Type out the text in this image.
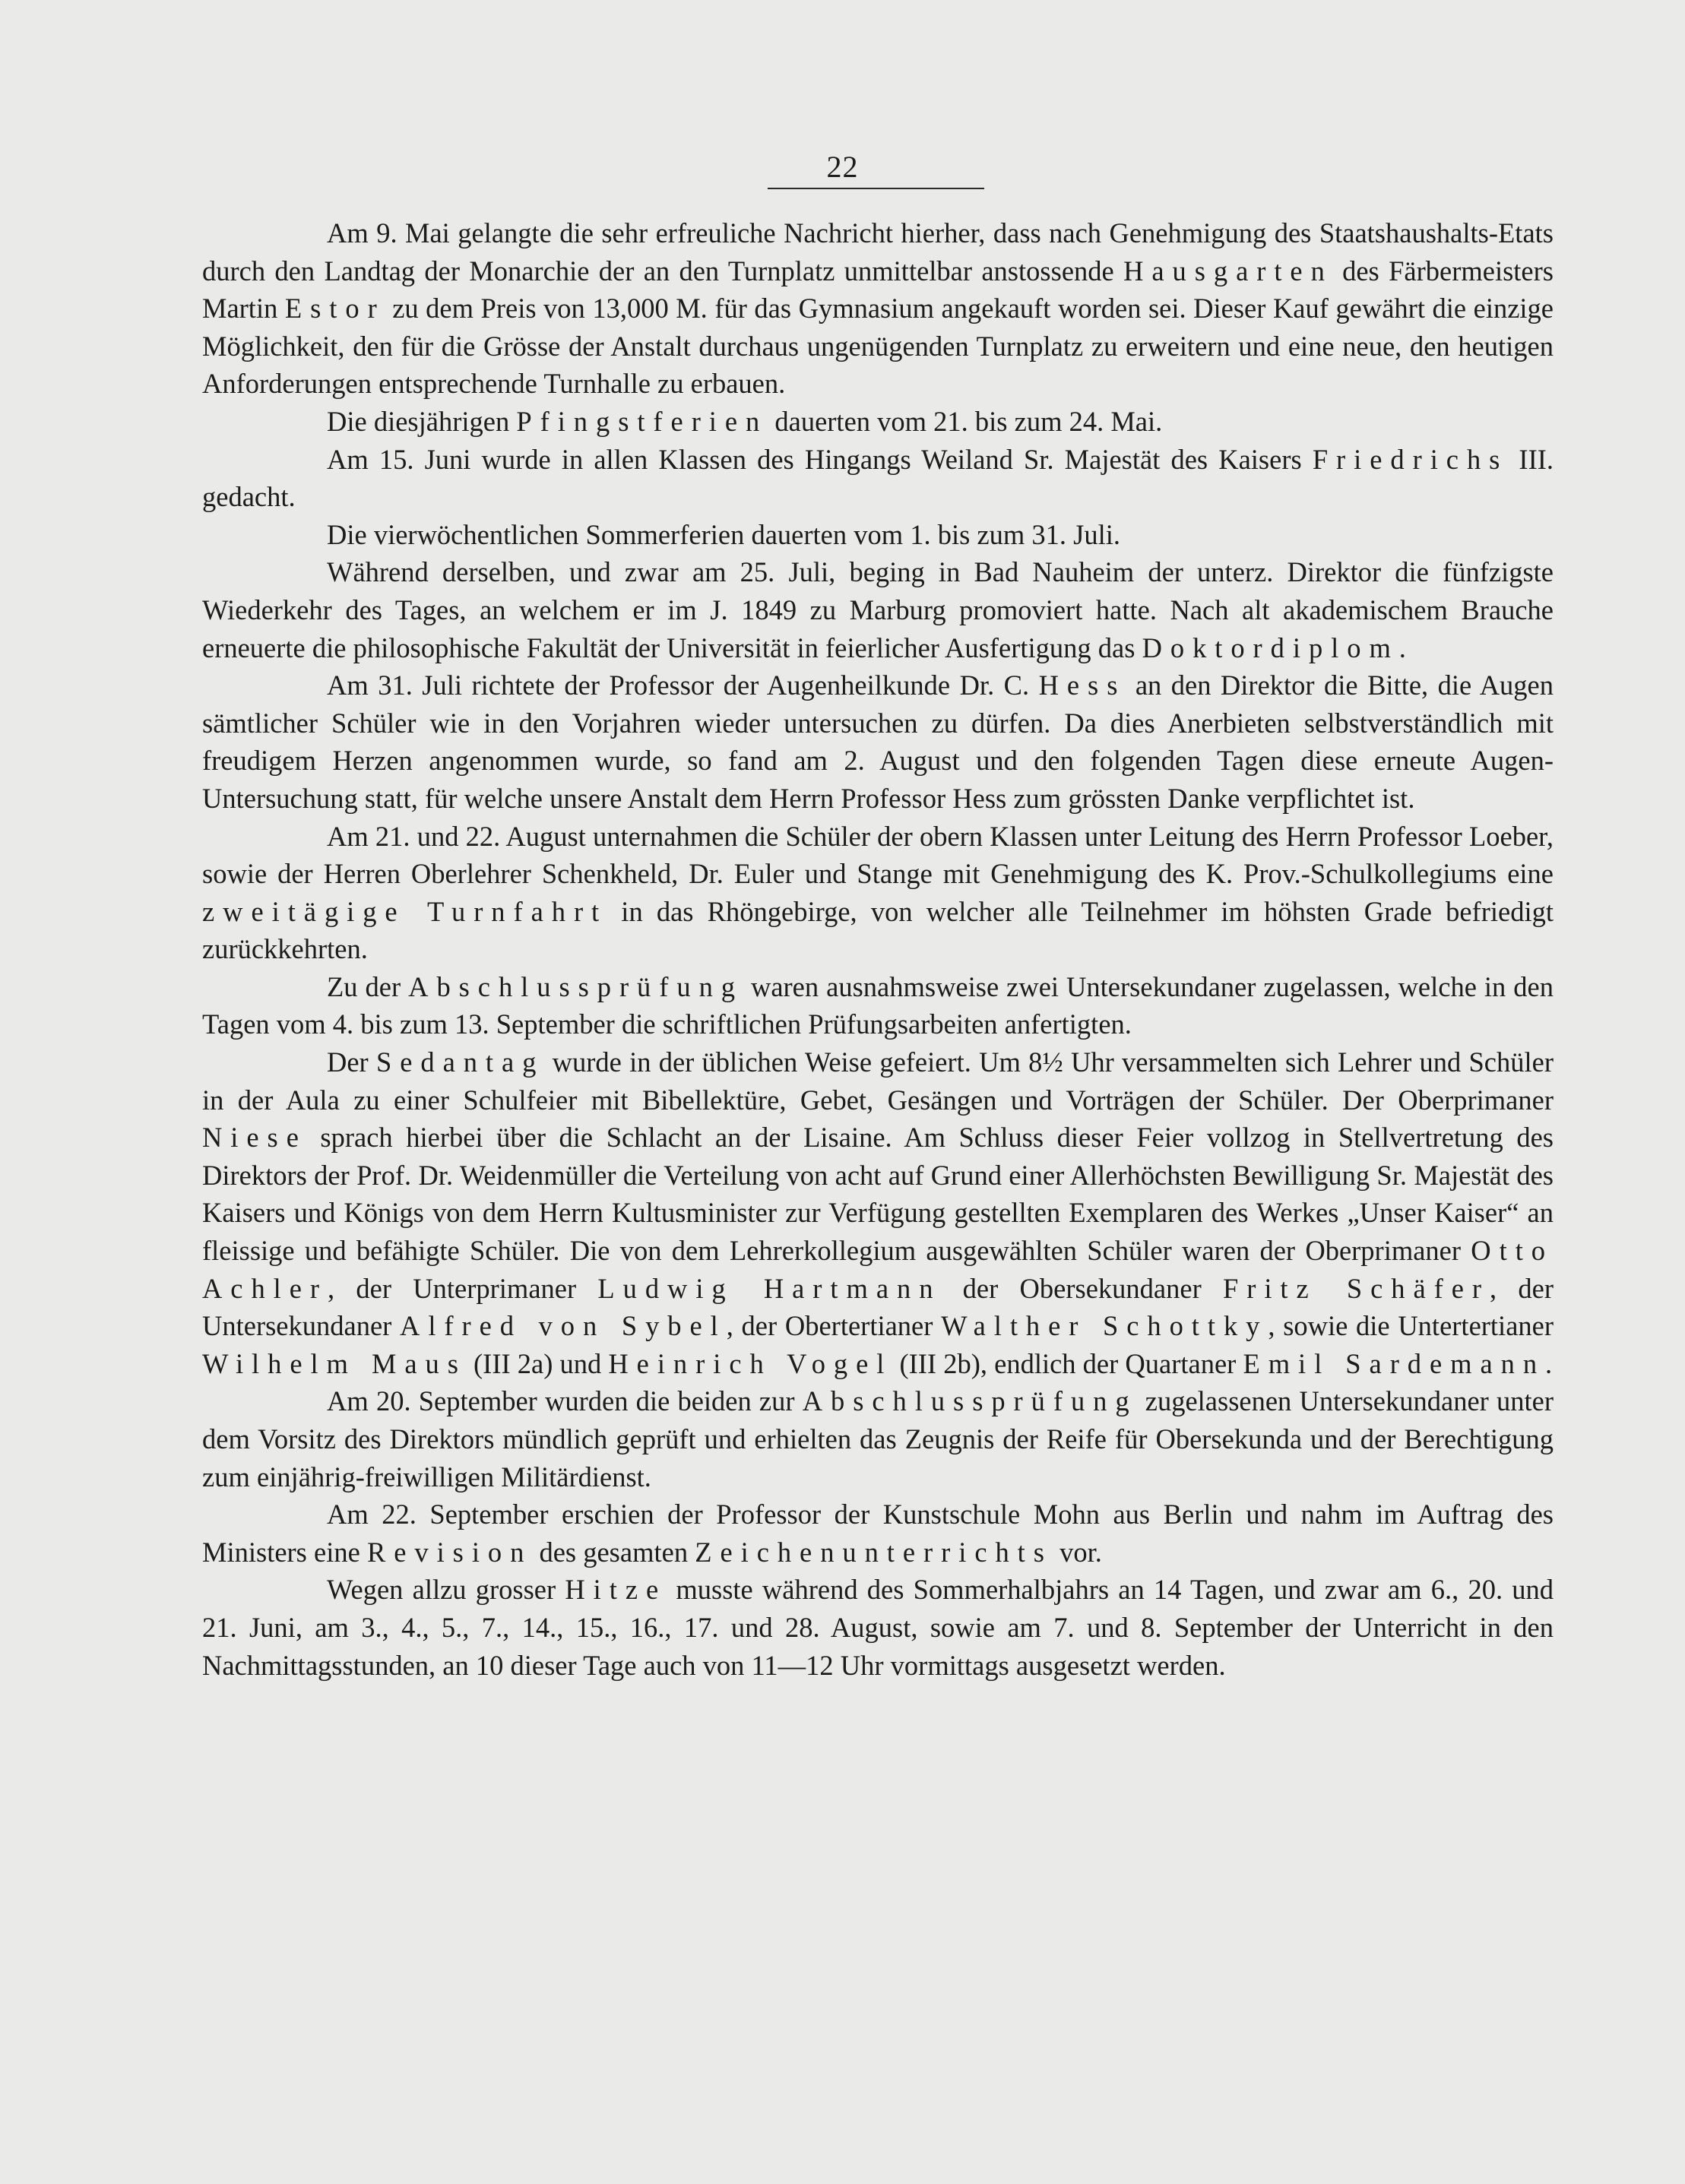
22

Am 9. Mai gelangte die sehr erfreuliche Nachricht hierher, dass nach Genehmigung des Staatshaushalts-Etats durch den Landtag der Monarchie der an den Turnplatz unmittelbar anstossende Hausgarten des Färbermeisters Martin Estor zu dem Preis von 13,000 M. für das Gymnasium angekauft worden sei. Dieser Kauf gewährt die einzige Möglichkeit, den für die Grösse der Anstalt durchaus ungenügenden Turnplatz zu erweitern und eine neue, den heutigen Anforderungen entsprechende Turnhalle zu erbauen.

Die diesjährigen Pfingstferien dauerten vom 21. bis zum 24. Mai.

Am 15. Juni wurde in allen Klassen des Hingangs Weiland Sr. Majestät des Kaisers Friedrichs III. gedacht.

Die vierwöchentlichen Sommerferien dauerten vom 1. bis zum 31. Juli.

Während derselben, und zwar am 25. Juli, beging in Bad Nauheim der unterz. Direktor die fünfzigste Wiederkehr des Tages, an welchem er im J. 1849 zu Marburg promoviert hatte. Nach alt akademischem Brauche erneuerte die philosophische Fakultät der Universität in feierlicher Ausfertigung das Doktordiplom.

Am 31. Juli richtete der Professor der Augenheilkunde Dr. C. Hess an den Direktor die Bitte, die Augen sämtlicher Schüler wie in den Vorjahren wieder untersuchen zu dürfen. Da dies Anerbieten selbstverständlich mit freudigem Herzen angenommen wurde, so fand am 2. August und den folgenden Tagen diese erneute Augen-Untersuchung statt, für welche unsere Anstalt dem Herrn Professor Hess zum grössten Danke verpflichtet ist.

Am 21. und 22. August unternahmen die Schüler der obern Klassen unter Leitung des Herrn Professor Loeber, sowie der Herren Oberlehrer Schenkheld, Dr. Euler und Stange mit Genehmigung des K. Prov.-Schulkollegiums eine zweitägige Turnfahrt in das Rhöngebirge, von welcher alle Teilnehmer im höhsten Grade befriedigt zurückkehrten.

Zu der Abschlussprüfung waren ausnahmsweise zwei Untersekundaner zugelassen, welche in den Tagen vom 4. bis zum 13. September die schriftlichen Prüfungsarbeiten anfertigten.

Der Sedantag wurde in der üblichen Weise gefeiert. Um 8½ Uhr versammelten sich Lehrer und Schüler in der Aula zu einer Schulfeier mit Bibellektüre, Gebet, Gesängen und Vorträgen der Schüler. Der Oberprimaner Niese sprach hierbei über die Schlacht an der Lisaine. Am Schluss dieser Feier vollzog in Stellvertretung des Direktors der Prof. Dr. Weidenmüller die Verteilung von acht auf Grund einer Allerhöchsten Bewilligung Sr. Majestät des Kaisers und Königs von dem Herrn Kultusminister zur Verfügung gestellten Exemplaren des Werkes „Unser Kaiser“ an fleissige und befähigte Schüler. Die von dem Lehrerkollegium ausgewählten Schüler waren der Oberprimaner Otto Achler, der Unterprimaner Ludwig Hartmann der Obersekundaner Fritz Schäfer, der Untersekundaner Alfred von Sybel, der Obertertianer Walther Schottky, sowie die Untertertianer Wilhelm Maus (III 2a) und Heinrich Vogel (III 2b), endlich der Quartaner Emil Sardemann.

Am 20. September wurden die beiden zur Abschlussprüfung zugelassenen Untersekundaner unter dem Vorsitz des Direktors mündlich geprüft und erhielten das Zeugnis der Reife für Obersekunda und der Berechtigung zum einjährig-freiwilligen Militärdienst.

Am 22. September erschien der Professor der Kunstschule Mohn aus Berlin und nahm im Auftrag des Ministers eine Revision des gesamten Zeichenunterrichts vor.

Wegen allzu grosser Hitze musste während des Sommerhalbjahrs an 14 Tagen, und zwar am 6., 20. und 21. Juni, am 3., 4., 5., 7., 14., 15., 16., 17. und 28. August, sowie am 7. und 8. September der Unterricht in den Nachmittagsstunden, an 10 dieser Tage auch von 11—12 Uhr vormittags ausgesetzt werden.
